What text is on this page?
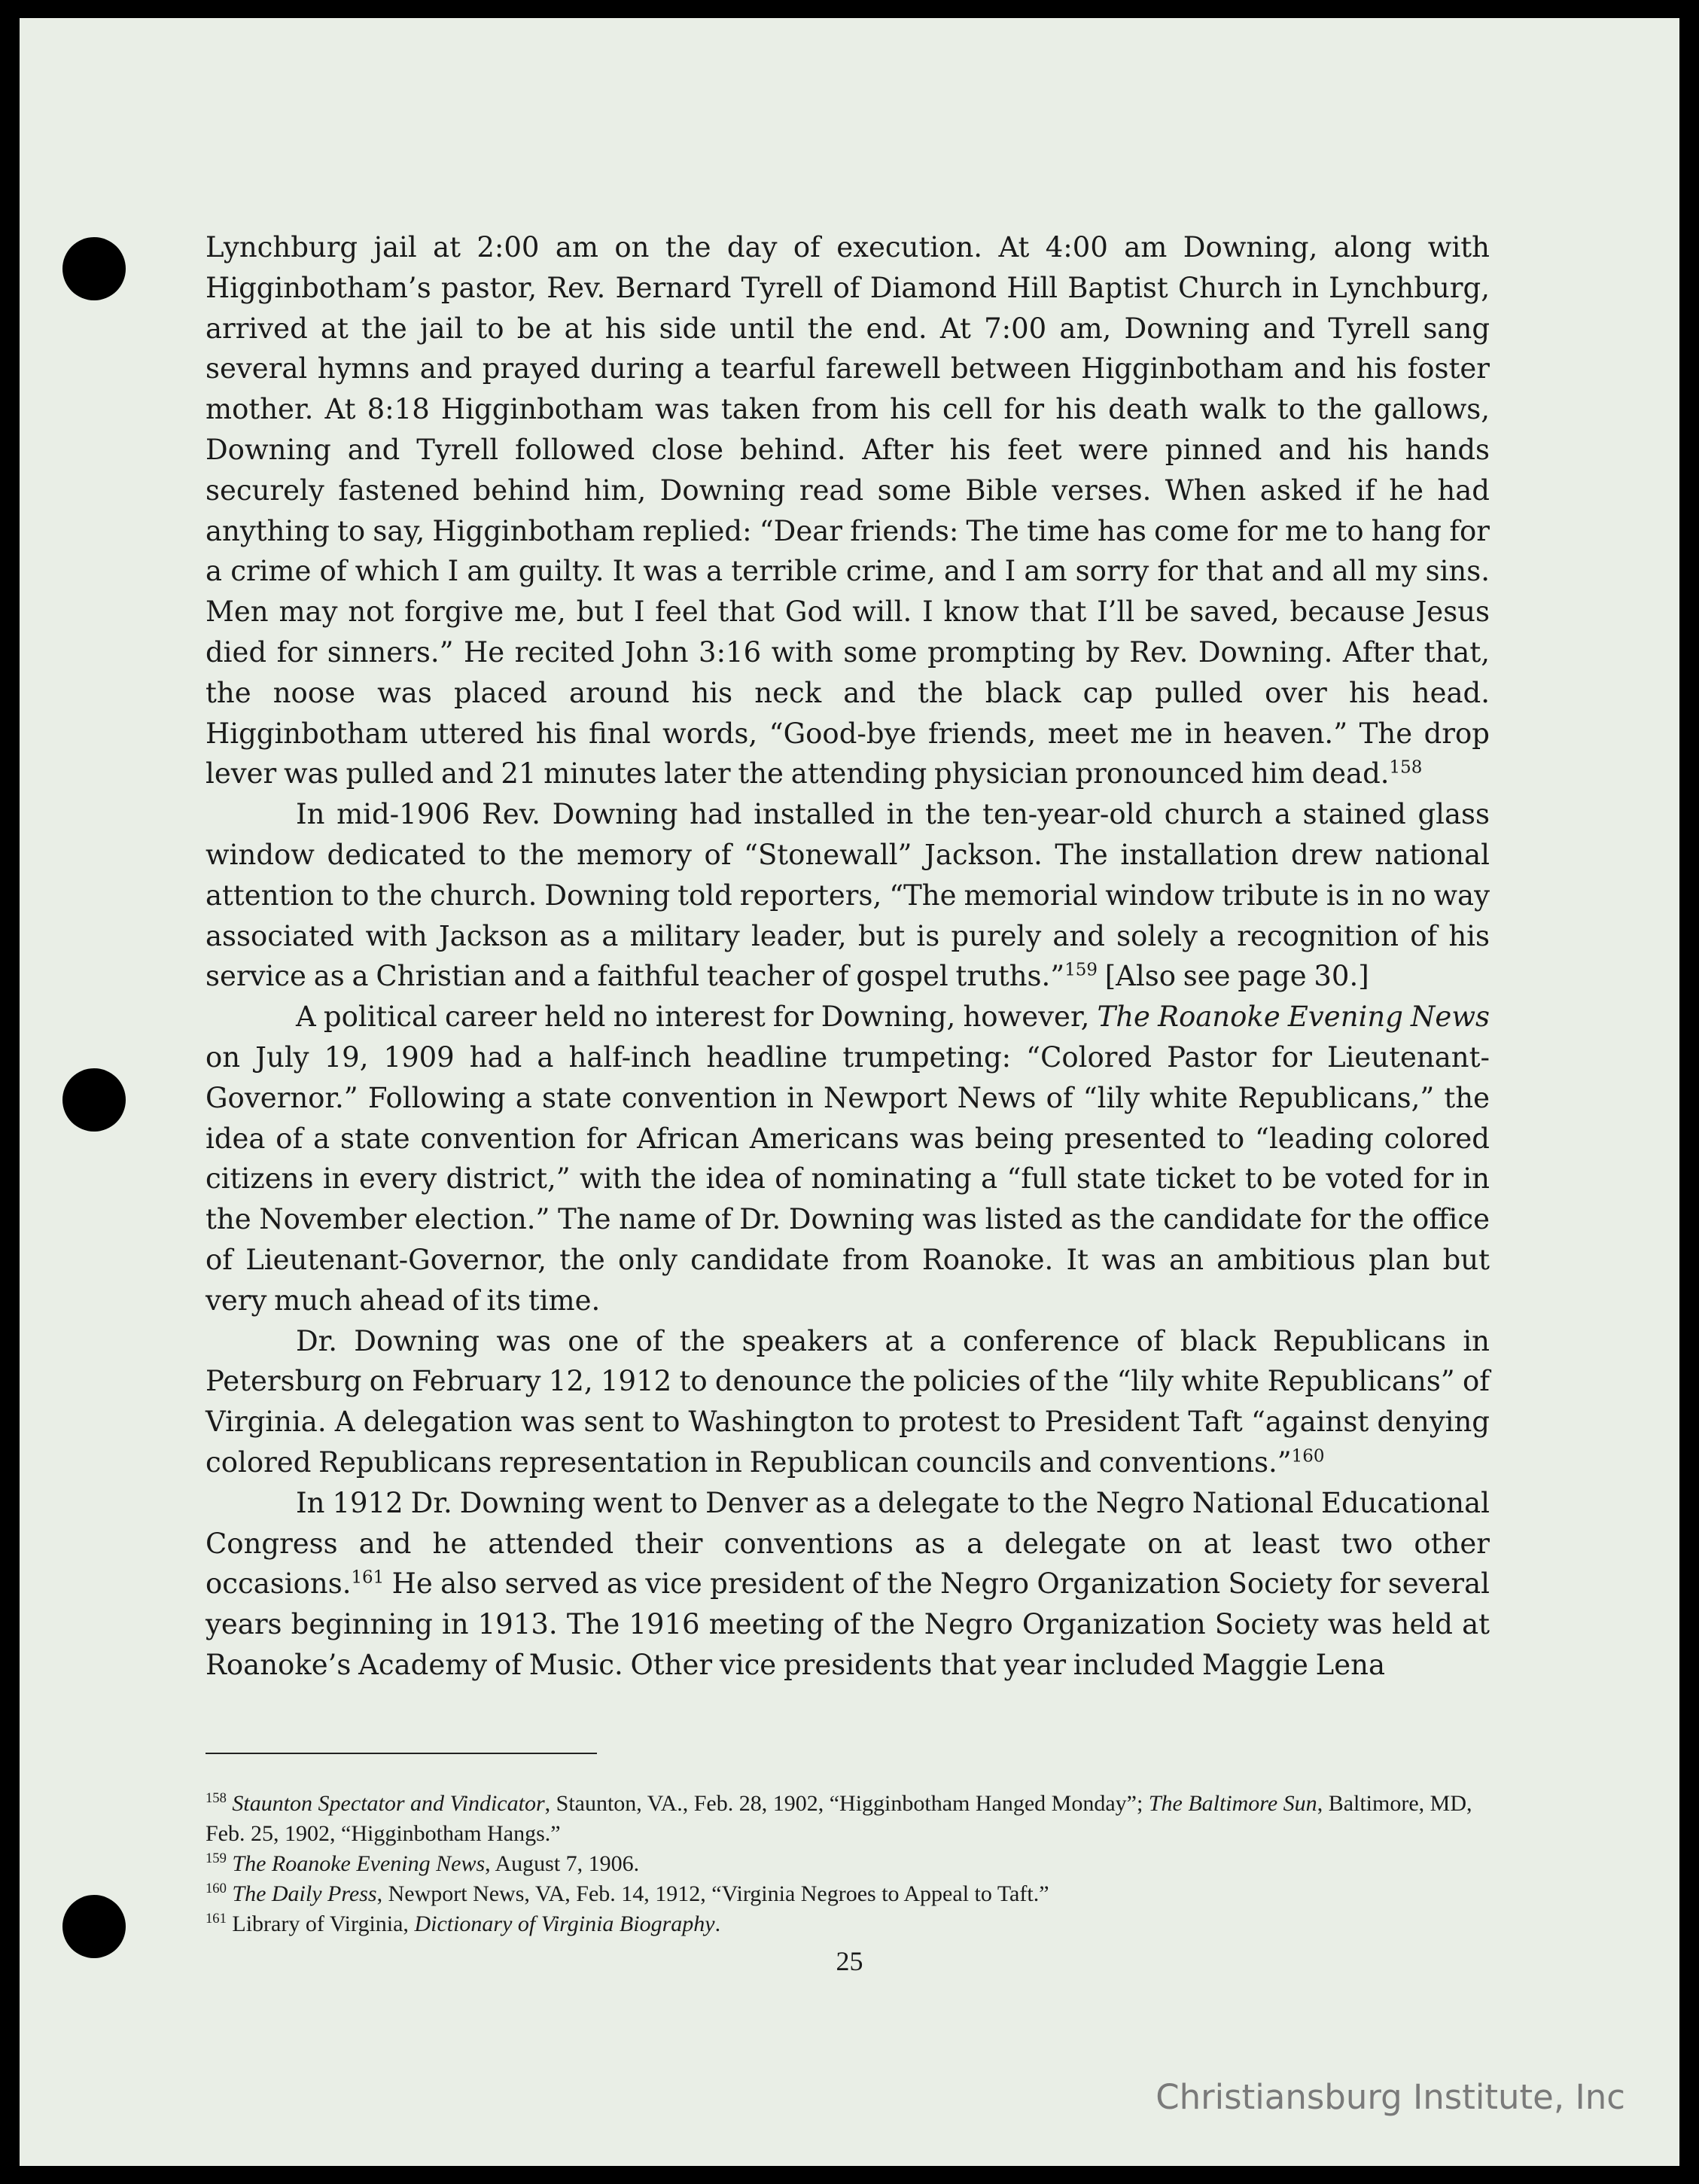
Lynchburg jail at 2:00 am on the day of execution. At 4:00 am Downing, along with Higginbotham’s pastor, Rev. Bernard Tyrell of Diamond Hill Baptist Church in Lynchburg, arrived at the jail to be at his side until the end. At 7:00 am, Downing and Tyrell sang several hymns and prayed during a tearful farewell between Higginbotham and his foster mother. At 8:18 Higginbotham was taken from his cell for his death walk to the gallows, Downing and Tyrell followed close behind. After his feet were pinned and his hands securely fastened behind him, Downing read some Bible verses. When asked if he had anything to say, Higginbotham replied: “Dear friends: The time has come for me to hang for a crime of which I am guilty. It was a terrible crime, and I am sorry for that and all my sins. Men may not forgive me, but I feel that God will. I know that I’ll be saved, because Jesus died for sinners.” He recited John 3:16 with some prompting by Rev. Downing. After that, the noose was placed around his neck and the black cap pulled over his head. Higginbotham uttered his final words, “Good-bye friends, meet me in heaven.” The drop lever was pulled and 21 minutes later the attending physician pronounced him dead.$^{158}$

In mid-1906 Rev. Downing had installed in the ten-year-old church a stained glass window dedicated to the memory of “Stonewall” Jackson. The installation drew national attention to the church. Downing told reporters, “The memorial window tribute is in no way associated with Jackson as a military leader, but is purely and solely a recognition of his service as a Christian and a faithful teacher of gospel truths.”$^{159}$ [Also see page 30.]

A political career held no interest for Downing, however, The Roanoke Evening News on July 19, 1909 had a half-inch headline trumpeting: “Colored Pastor for Lieutenant-Governor.” Following a state convention in Newport News of “lily white Republicans,” the idea of a state convention for African Americans was being presented to “leading colored citizens in every district,” with the idea of nominating a “full state ticket to be voted for in the November election.” The name of Dr. Downing was listed as the candidate for the office of Lieutenant-Governor, the only candidate from Roanoke. It was an ambitious plan but very much ahead of its time.

Dr. Downing was one of the speakers at a conference of black Republicans in Petersburg on February 12, 1912 to denounce the policies of the “lily white Republicans” of Virginia. A delegation was sent to Washington to protest to President Taft “against denying colored Republicans representation in Republican councils and conventions.”$^{160}$

In 1912 Dr. Downing went to Denver as a delegate to the Negro National Educational Congress and he attended their conventions as a delegate on at least two other occasions.$^{161}$ He also served as vice president of the Negro Organization Society for several years beginning in 1913. The 1916 meeting of the Negro Organization Society was held at Roanoke’s Academy of Music. Other vice presidents that year included Maggie Lena

$^{158}$ Staunton Spectator and Vindicator, Staunton, VA., Feb. 28, 1902, “Higginbotham Hanged Monday”; The Baltimore Sun, Baltimore, MD, Feb. 25, 1902, “Higginbotham Hangs.”

$^{159}$ The Roanoke Evening News, August 7, 1906.

$^{160}$ The Daily Press, Newport News, VA, Feb. 14, 1912, “Virginia Negroes to Appeal to Taft.”

$^{161}$ Library of Virginia, Dictionary of Virginia Biography.

25
Christiansburg Institute, Inc
